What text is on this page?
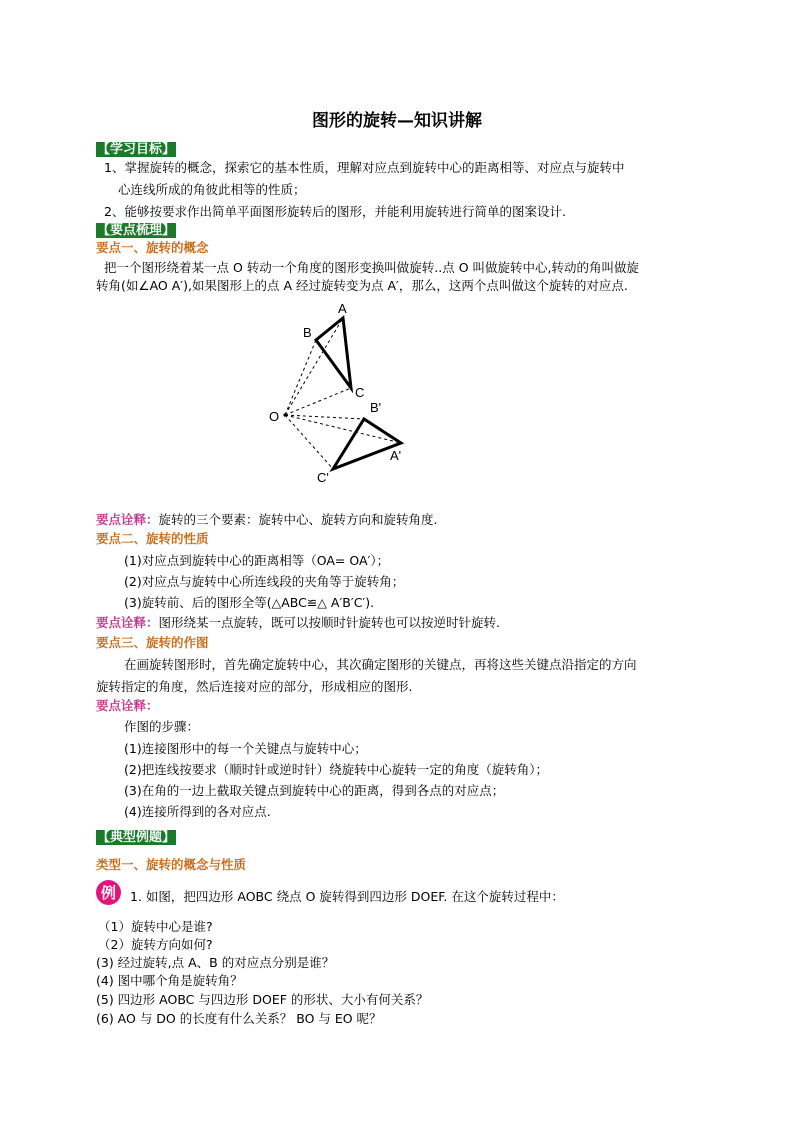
图形的旋转—知识讲解
【学习目标】
1、掌握旋转的概念，探索它的基本性质，理解对应点到旋转中心的距离相等、对应点与旋转中
心连线所成的角彼此相等的性质；
2、能够按要求作出简单平面图形旋转后的图形，并能利用旋转进行简单的图案设计.
【要点梳理】
要点一、旋转的概念
把一个图形绕着某一点 O 转动一个角度的图形变换叫做旋转..点 O 叫做旋转中心,转动的角叫做旋
转角(如∠AO A′),如果图形上的点 A 经过旋转变为点 A′，那么，这两个点叫做这个旋转的对应点.
A
B
C
O
B'
A'
C'
要点诠释：旋转的三个要素：旋转中心、旋转方向和旋转角度.
要点二、旋转的性质
(1)对应点到旋转中心的距离相等（OA= OA′）；
(2)对应点与旋转中心所连线段的夹角等于旋转角；
(3)旋转前、后的图形全等(△ABC≌△ A′B′C′).
要点诠释：图形绕某一点旋转，既可以按顺时针旋转也可以按逆时针旋转.
要点三、旋转的作图
在画旋转图形时，首先确定旋转中心，其次确定图形的关键点，再将这些关键点沿指定的方向
旋转指定的角度，然后连接对应的部分，形成相应的图形.
要点诠释：
作图的步骤：
(1)连接图形中的每一个关键点与旋转中心；
(2)把连线按要求（顺时针或逆时针）绕旋转中心旋转一定的角度（旋转角）；
(3)在角的一边上截取关键点到旋转中心的距离，得到各点的对应点；
(4)连接所得到的各对应点.
【典型例题】
类型一、旋转的概念与性质
例	1. 如图，把四边形 AOBC 绕点 O 旋转得到四边形 DOEF. 在这个旋转过程中：
（1）旋转中心是谁?
（2）旋转方向如何?
(3) 经过旋转,点 A、B 的对应点分别是谁？
(4) 图中哪个角是旋转角？
(5) 四边形 AOBC 与四边形 DOEF 的形状、大小有何关系？
(6) AO 与 DO 的长度有什么关系？ BO 与 EO 呢？
